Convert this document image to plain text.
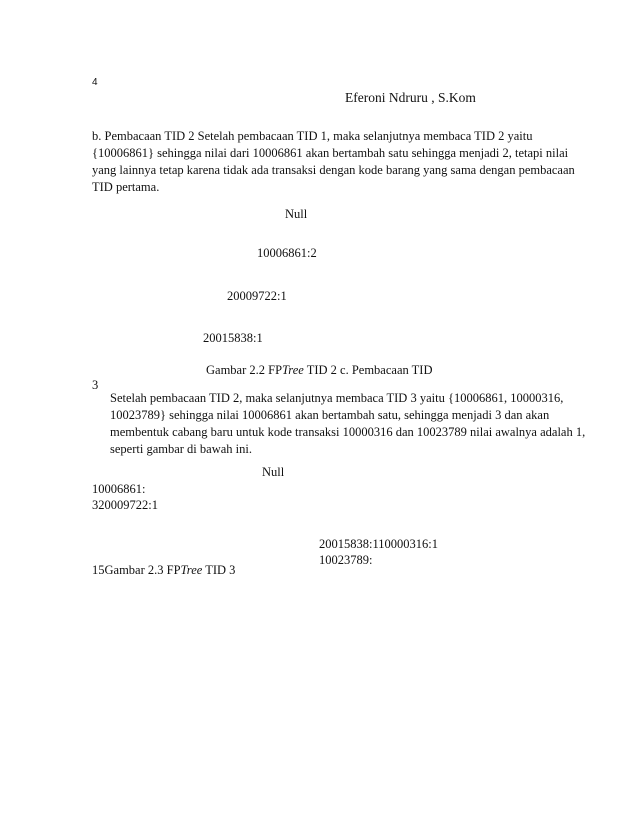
4
Eferoni Ndruru , S.Kom
b. Pembacaan TID 2 Setelah pembacaan TID 1, maka selanjutnya membaca TID 2 yaitu
{10006861} sehingga nilai dari 10006861 akan bertambah satu sehingga menjadi 2, tetapi nilai
yang lainnya tetap karena tidak ada transaksi dengan kode barang yang sama dengan pembacaan
TID pertama.
Null
10006861:2
20009722:1
20015838:1
Gambar 2.2 FPTree TID 2 c. Pembacaan TID
3
Setelah pembacaan TID 2, maka selanjutnya membaca TID 3 yaitu {10006861, 10000316,
10023789} sehingga nilai 10006861 akan bertambah satu, sehingga menjadi 3 dan akan
membentuk cabang baru untuk kode transaksi 10000316 dan 10023789 nilai awalnya adalah 1,
seperti gambar di bawah ini.
Null
10006861:
320009722:1
20015838:110000316:1
10023789:
15Gambar 2.3 FPTree TID 3
